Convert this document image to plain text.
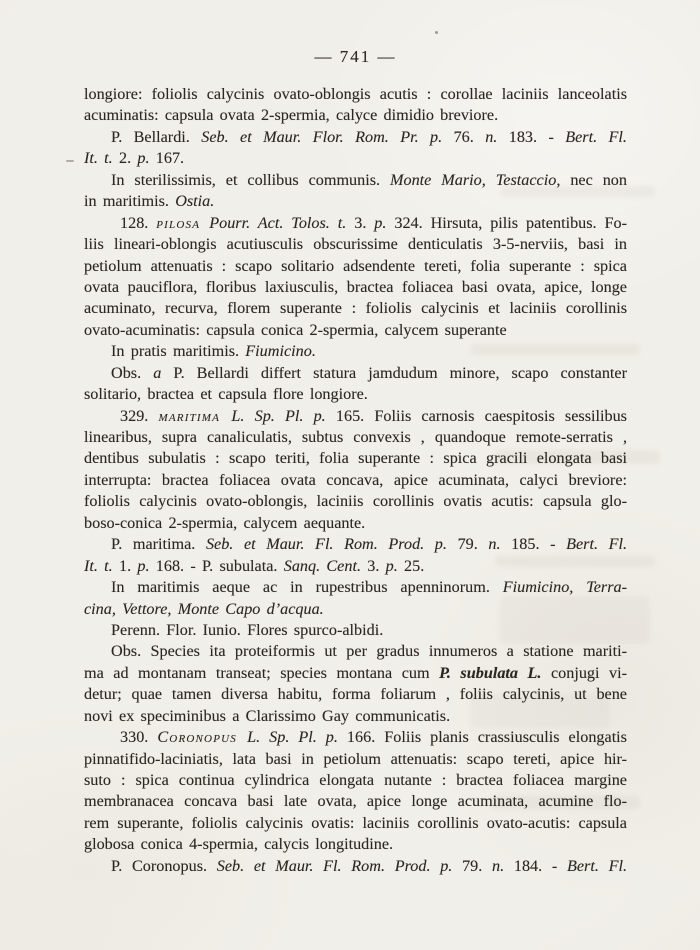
— 741 —
longiore: foliolis calycinis ovato-oblongis acutis : corollae laciniis lanceolatis
acuminatis: capsula ovata 2-spermia, calyce dimidio breviore.
P. Bellardi. Seb. et Maur. Flor. Rom. Pr. p. 76. n. 183. - Bert. Fl.
It. t. 2. p. 167.
In sterilissimis, et collibus communis. Monte Mario, Testaccio, nec non
in maritimis. Ostia.
128. pilosa Pourr. Act. Tolos. t. 3. p. 324. Hirsuta, pilis patentibus. Fo-
liis lineari-oblongis acutiusculis obscurissime denticulatis 3-5-nerviis, basi in
petiolum attenuatis : scapo solitario adsendente tereti, folia superante : spica
ovata pauciflora, floribus laxiusculis, bractea foliacea basi ovata, apice, longe
acuminato, recurva, florem superante : foliolis calycinis et laciniis corollinis
ovato-acuminatis: capsula conica 2-spermia, calycem superante
In pratis maritimis. Fiumicino.
Obs. a P. Bellardi differt statura jamdudum minore, scapo constanter
solitario, bractea et capsula flore longiore.
329. maritima L. Sp. Pl. p. 165. Foliis carnosis caespitosis sessilibus
linearibus, supra canaliculatis, subtus convexis , quandoque remote-serratis ,
dentibus subulatis : scapo teriti, folia superante : spica gracili elongata basi
interrupta: bractea foliacea ovata concava, apice acuminata, calyci breviore:
foliolis calycinis ovato-oblongis, laciniis corollinis ovatis acutis: capsula glo-
boso-conica 2-spermia, calycem aequante.
P. maritima. Seb. et Maur. Fl. Rom. Prod. p. 79. n. 185. - Bert. Fl.
It. t. 1. p. 168. - P. subulata. Sanq. Cent. 3. p. 25.
In maritimis aeque ac in rupestribus apenninorum. Fiumicino, Terra-
cina, Vettore, Monte Capo d’acqua.
Perenn. Flor. Iunio. Flores spurco-albidi.
Obs. Species ita proteiformis ut per gradus innumeros a statione mariti-
ma ad montanam transeat; species montana cum P. subulata L. conjugi vi-
detur; quae tamen diversa habitu, forma foliarum , foliis calycinis, ut bene
novi ex speciminibus a Clarissimo Gay communicatis.
330. Coronopus L. Sp. Pl. p. 166. Foliis planis crassiusculis elongatis
pinnatifido-laciniatis, lata basi in petiolum attenuatis: scapo tereti, apice hir-
suto : spica continua cylindrica elongata nutante : bractea foliacea margine
membranacea concava basi late ovata, apice longe acuminata, acumine flo-
rem superante, foliolis calycinis ovatis: laciniis corollinis ovato-acutis: capsula
globosa conica 4-spermia, calycis longitudine.
P. Coronopus. Seb. et Maur. Fl. Rom. Prod. p. 79. n. 184. - Bert. Fl.
